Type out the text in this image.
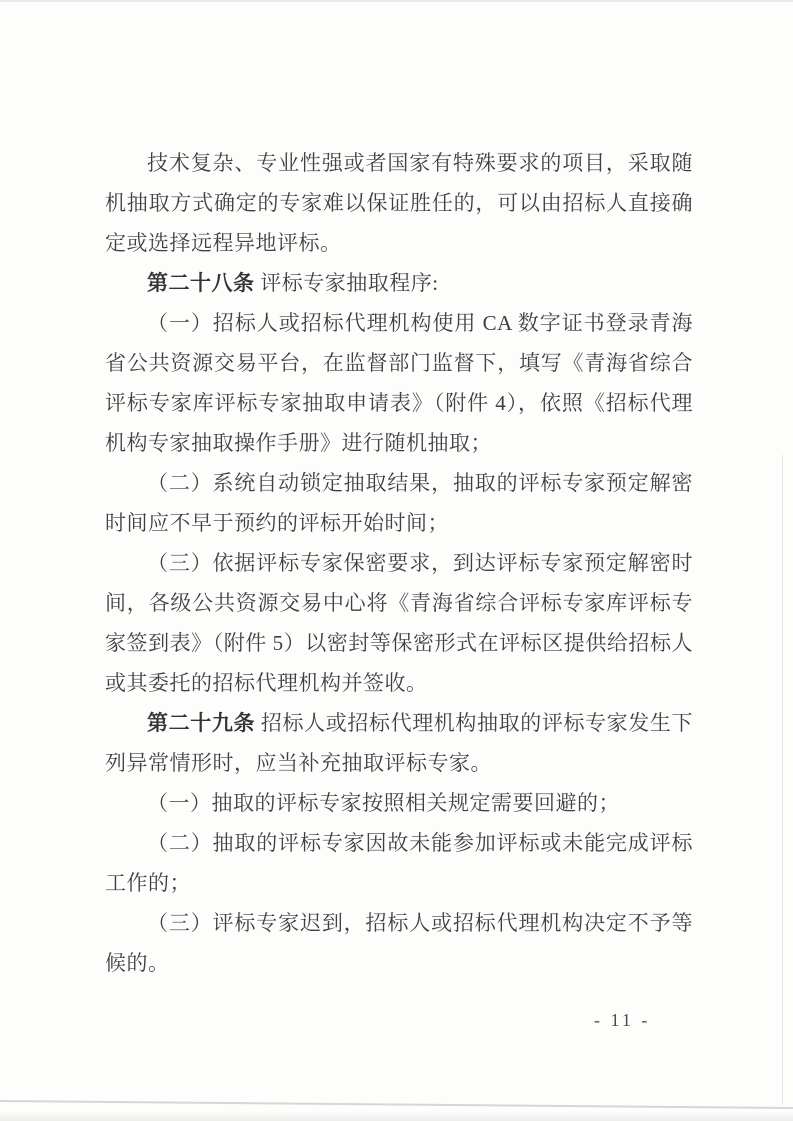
技术复杂、专业性强或者国家有特殊要求的项目，采取随机抽取方式确定的专家难以保证胜任的，可以由招标人直接确定或选择远程异地评标。

第二十八条 评标专家抽取程序:

（一）招标人或招标代理机构使用 CA 数字证书登录青海省公共资源交易平台，在监督部门监督下，填写《青海省综合评标专家库评标专家抽取申请表》（附件 4），依照《招标代理机构专家抽取操作手册》进行随机抽取；

（二）系统自动锁定抽取结果，抽取的评标专家预定解密时间应不早于预约的评标开始时间；

（三）依据评标专家保密要求，到达评标专家预定解密时间，各级公共资源交易中心将《青海省综合评标专家库评标专家签到表》（附件 5）以密封等保密形式在评标区提供给招标人或其委托的招标代理机构并签收。

第二十九条 招标人或招标代理机构抽取的评标专家发生下列异常情形时，应当补充抽取评标专家。

（一）抽取的评标专家按照相关规定需要回避的；

（二）抽取的评标专家因故未能参加评标或未能完成评标工作的；

（三）评标专家迟到，招标人或招标代理机构决定不予等候的。

- 11 -
